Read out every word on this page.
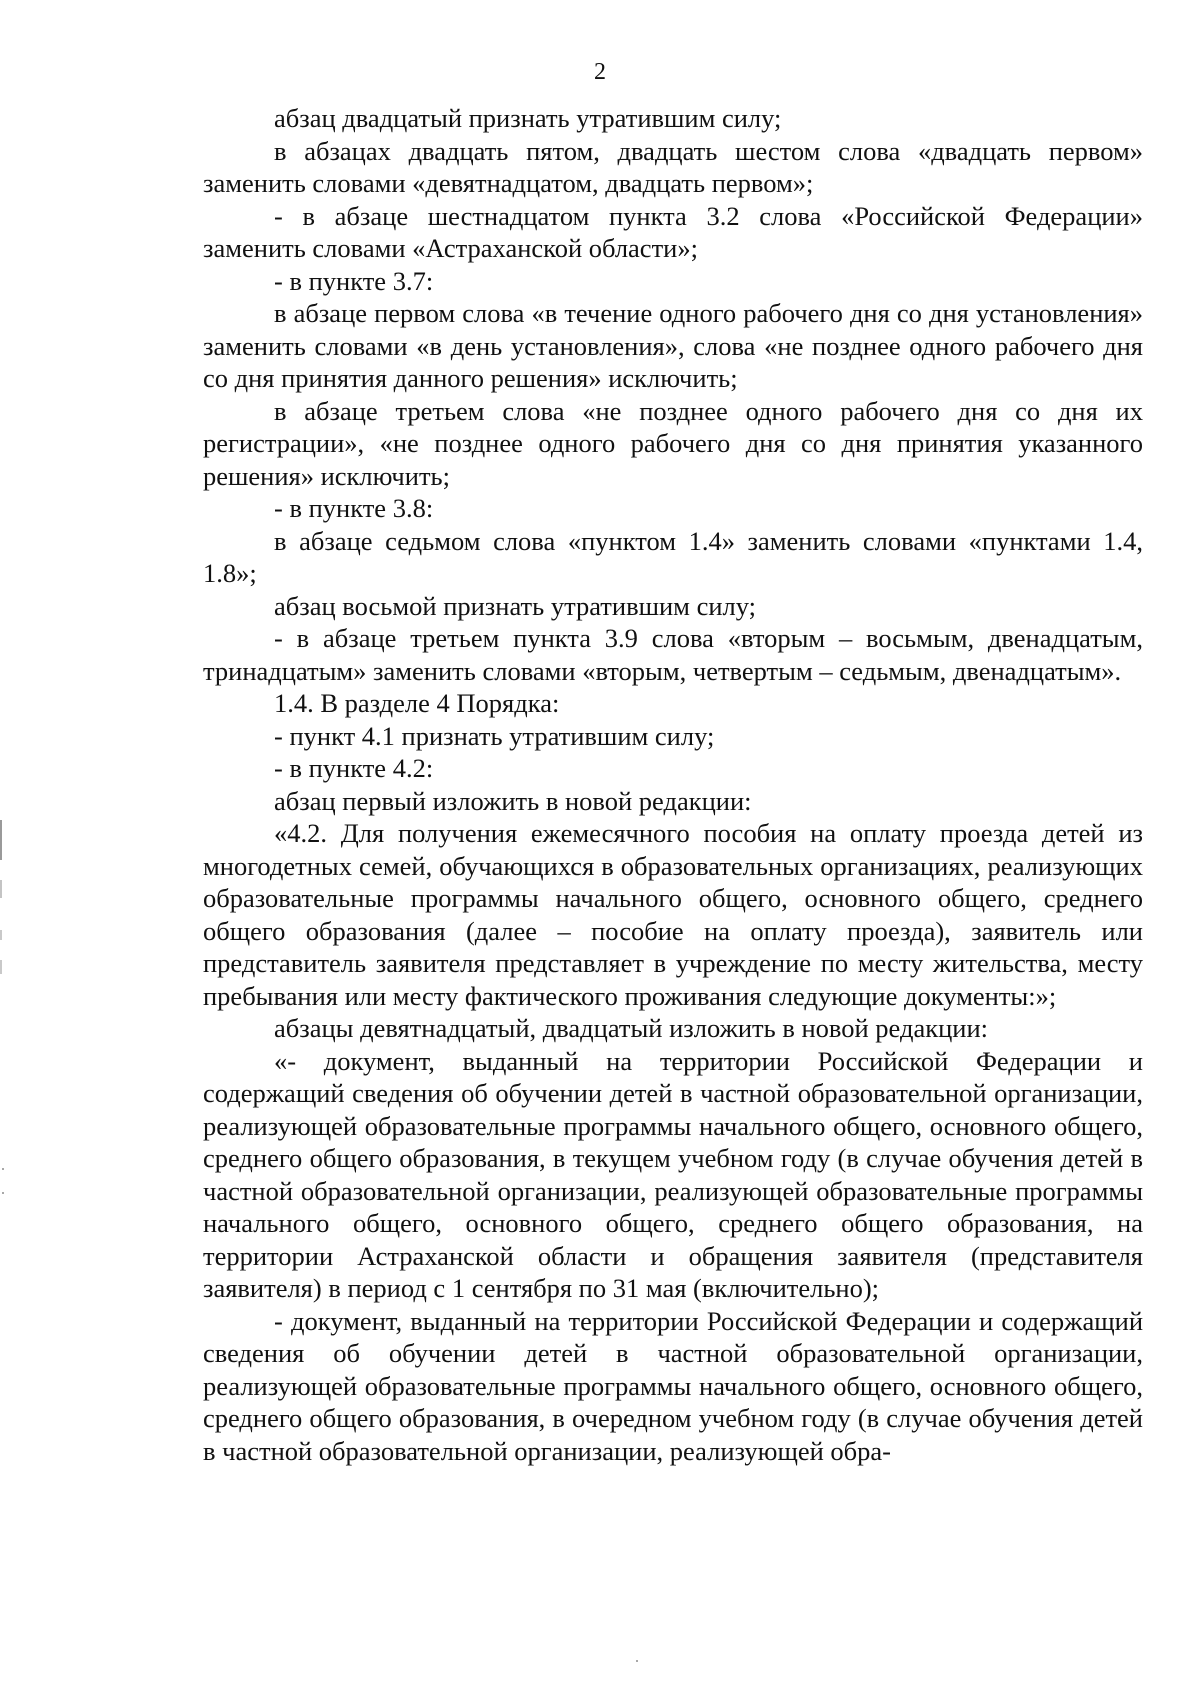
2

абзац двадцатый признать утратившим силу;

в абзацах двадцать пятом, двадцать шестом слова «двадцать первом» заменить словами «девятнадцатом, двадцать первом»;

- в абзаце шестнадцатом пункта 3.2 слова «Российской Федерации» заменить словами «Астраханской области»;

- в пункте 3.7:

в абзаце первом слова «в течение одного рабочего дня со дня установления» заменить словами «в день установления», слова «не позднее одного рабочего дня со дня принятия данного решения» исключить;

в абзаце третьем слова «не позднее одного рабочего дня со дня их регистрации», «не позднее одного рабочего дня со дня принятия указанного решения» исключить;

- в пункте 3.8:

в абзаце седьмом слова «пунктом 1.4» заменить словами «пунктами 1.4, 1.8»;

абзац восьмой признать утратившим силу;

- в абзаце третьем пункта 3.9 слова «вторым – восьмым, двенадцатым, тринадцатым» заменить словами «вторым, четвертым – седьмым, двенадцатым».

1.4. В разделе 4 Порядка:

- пункт 4.1 признать утратившим силу;

- в пункте 4.2:

абзац первый изложить в новой редакции:

«4.2. Для получения ежемесячного пособия на оплату проезда детей из многодетных семей, обучающихся в образовательных организациях, реализующих образовательные программы начального общего, основного общего, среднего общего образования (далее – пособие на оплату проезда), заявитель или представитель заявителя представляет в учреждение по месту жительства, месту пребывания или месту фактического проживания следующие документы:»;

абзацы девятнадцатый, двадцатый изложить в новой редакции:

«- документ, выданный на территории Российской Федерации и содержащий сведения об обучении детей в частной образовательной организации, реализующей образовательные программы начального общего, основного общего, среднего общего образования, в текущем учебном году (в случае обучения детей в частной образовательной организации, реализующей образовательные программы начального общего, основного общего, среднего общего образования, на территории Астраханской области и обращения заявителя (представителя заявителя) в период с 1 сентября по 31 мая (включительно);

- документ, выданный на территории Российской Федерации и содержащий сведения об обучении детей в частной образовательной организации, реализующей образовательные программы начального общего, основного общего, среднего общего образования, в очередном учебном году (в случае обучения детей в частной образовательной организации, реализующей обра-
